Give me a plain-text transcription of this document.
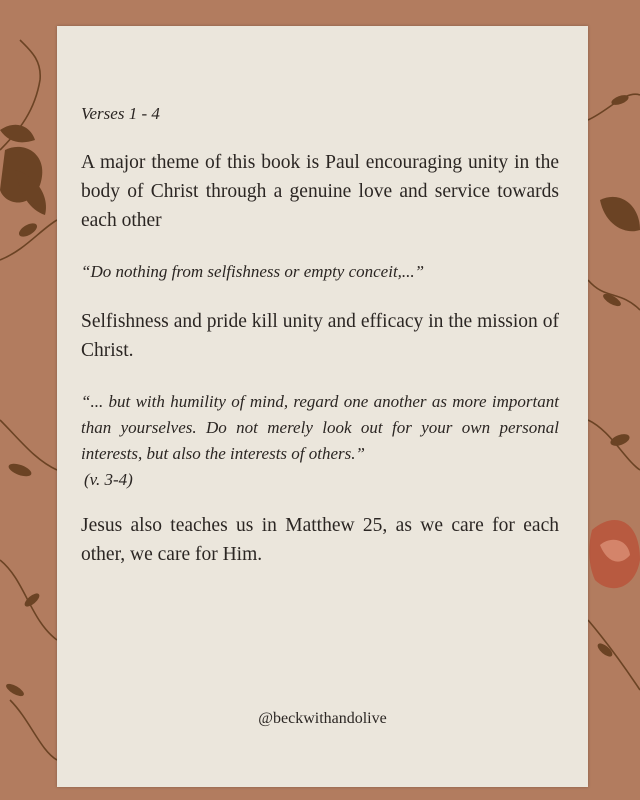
Verses 1 - 4

A major theme of this book is Paul encouraging unity in the body of Christ through a genuine love and service towards each other

“Do nothing from selfishness or empty conceit,...”

Selfishness and pride kill unity and efficacy in the mission of Christ.

“... but with humility of mind, regard one another as more important than yourselves. Do not merely look out for your own personal interests, but also the interests of others.”
(v. 3-4)

Jesus also teaches us in Matthew 25, as we care for each other, we care for Him.

@beckwithandolive
